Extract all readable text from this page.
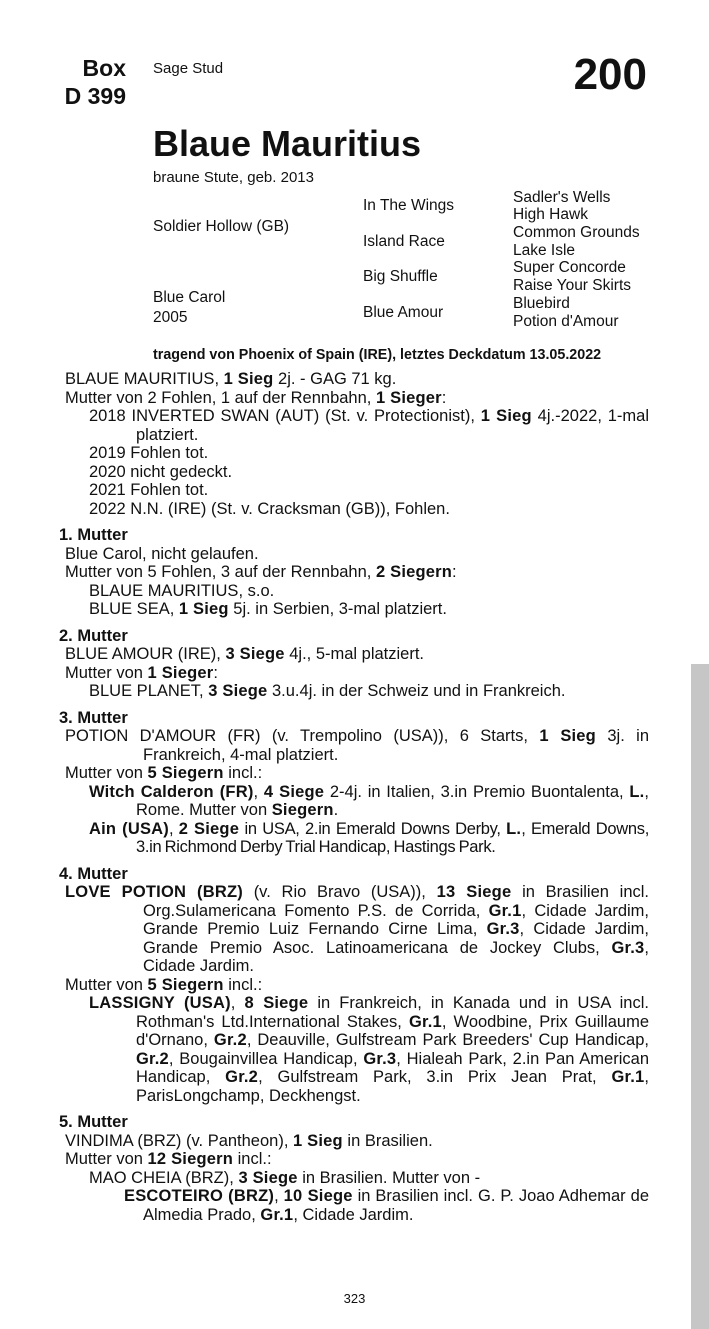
Box
D 399
Sage Stud	200
Blaue Mauritius
braune Stute, geb. 2013
Soldier Hollow (GB)
Blue Carol
2005
In The Wings
Island Race
Big Shuffle
Blue Amour
Sadler's Wells
High Hawk
Common Grounds
Lake Isle
Super Concorde
Raise Your Skirts
Bluebird
Potion d'Amour
tragend von Phoenix of Spain (IRE), letztes Deckdatum 13.05.2022
BLAUE MAURITIUS, 1 Sieg 2j. - GAG 71 kg.
Mutter von 2 Fohlen, 1 auf der Rennbahn, 1 Sieger:
2018 INVERTED SWAN (AUT) (St. v. Protectionist), 1 Sieg 4j.-2022, 1-mal platziert.
2019 Fohlen tot.
2020 nicht gedeckt.
2021 Fohlen tot.
2022 N.N. (IRE) (St. v. Cracksman (GB)), Fohlen.
1. Mutter
Blue Carol, nicht gelaufen.
Mutter von 5 Fohlen, 3 auf der Rennbahn, 2 Siegern:
BLAUE MAURITIUS, s.o.
BLUE SEA, 1 Sieg 5j. in Serbien, 3-mal platziert.
2. Mutter
BLUE AMOUR (IRE), 3 Siege 4j., 5-mal platziert.
Mutter von 1 Sieger:
BLUE PLANET, 3 Siege 3.u.4j. in der Schweiz und in Frankreich.
3. Mutter
POTION D'AMOUR (FR) (v. Trempolino (USA)), 6 Starts, 1 Sieg 3j. in Frankreich, 4-mal platziert.
Mutter von 5 Siegern incl.:
Witch Calderon (FR), 4 Siege 2-4j. in Italien, 3.in Premio Buontalenta, L., Rome. Mutter von Siegern.
Ain (USA), 2 Siege in USA, 2.in Emerald Downs Derby, L., Emerald Downs, 3.in Richmond Derby Trial Handicap, Hastings Park.
4. Mutter
LOVE POTION (BRZ) (v. Rio Bravo (USA)), 13 Siege in Brasilien incl. Org.Sulamericana Fomento P.S. de Corrida, Gr.1, Cidade Jardim, Grande Premio Luiz Fernando Cirne Lima, Gr.3, Cidade Jardim, Grande Premio Asoc. Latinoamericana de Jockey Clubs, Gr.3, Cidade Jardim.
Mutter von 5 Siegern incl.:
LASSIGNY (USA), 8 Siege in Frankreich, in Kanada und in USA incl. Rothman's Ltd.International Stakes, Gr.1, Woodbine, Prix Guillaume d'Ornano, Gr.2, Deauville, Gulfstream Park Breeders' Cup Handicap, Gr.2, Bougainvillea Handicap, Gr.3, Hialeah Park, 2.in Pan American Handicap, Gr.2, Gulfstream Park, 3.in Prix Jean Prat, Gr.1, ParisLongchamp, Deckhengst.
5. Mutter
VINDIMA (BRZ) (v. Pantheon), 1 Sieg in Brasilien.
Mutter von 12 Siegern incl.:
MAO CHEIA (BRZ), 3 Siege in Brasilien. Mutter von -
ESCOTEIRO (BRZ), 10 Siege in Brasilien incl. G. P. Joao Adhemar de Almedia Prado, Gr.1, Cidade Jardim.
323
